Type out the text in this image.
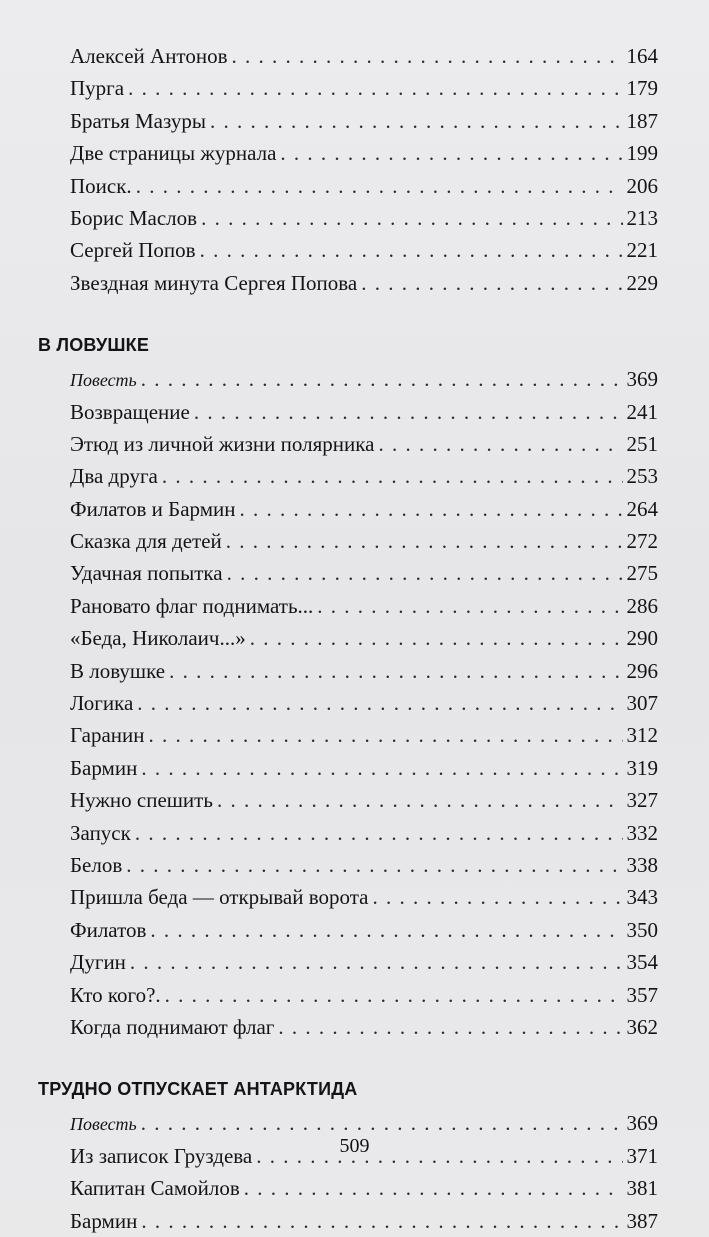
Алексей Антонов . . .	164
Пурга . . .	179
Братья Мазуры . . .	187
Две страницы журнала . . .	199
Поиск. . . .	206
Борис Маслов . . .	213
Сергей Попов . . .	221
Звездная минута Сергея Попова . . .	229
В ЛОВУШКЕ
Повесть . . .	369
Возвращение . . .	241
Этюд из личной жизни полярника . . .	251
Два друга . . .	253
Филатов и Бармин . . .	264
Сказка для детей . . .	272
Удачная попытка . . .	275
Рановато флаг поднимать... . . .	286
«Беда, Николаич...» . . .	290
В ловушке . . .	296
Логика . . .	307
Гаранин . . .	312
Бармин . . .	319
Нужно спешить . . .	327
Запуск . . .	332
Белов . . .	338
Пришла беда — открывай ворота . . .	343
Филатов . . .	350
Дугин . . .	354
Кто кого?. . . .	357
Когда поднимают флаг . . .	362
ТРУДНО ОТПУСКАЕТ АНТАРКТИДА
Повесть . . .	369
Из записок Груздева . . .	371
Капитан Самойлов . . .	381
Бармин . . .	387
509
